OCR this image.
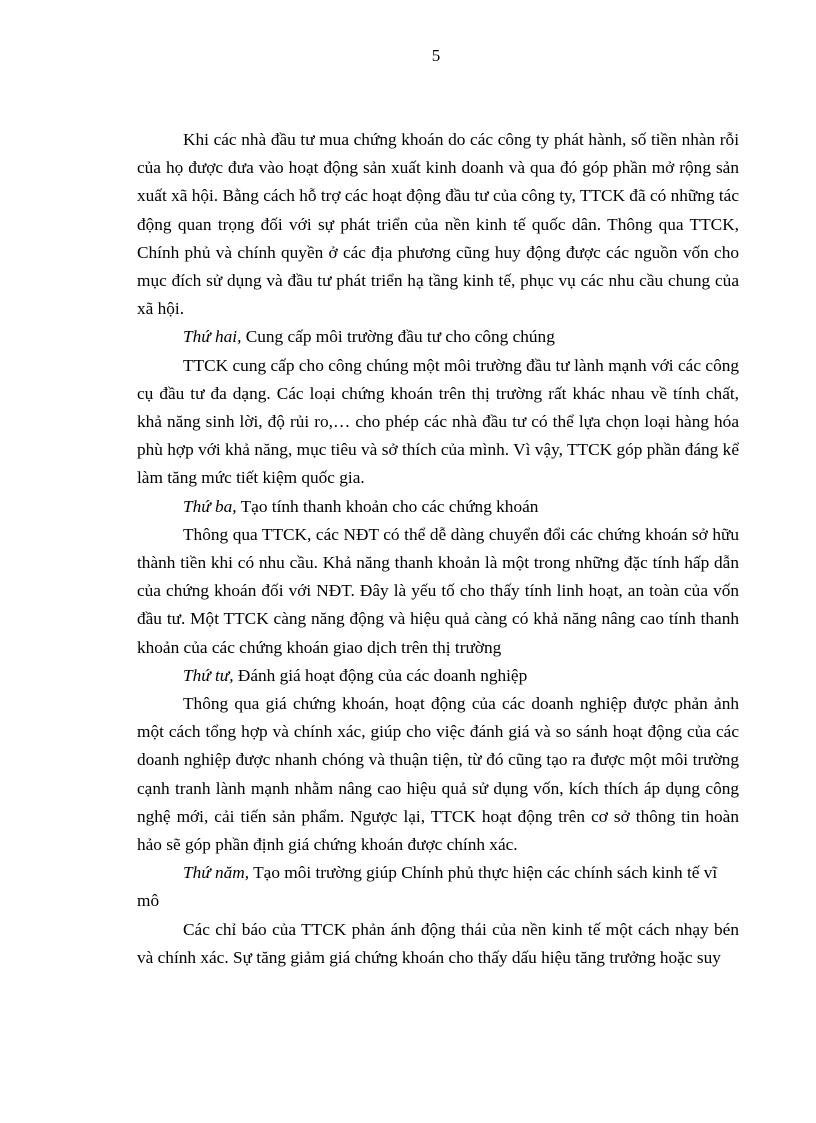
5

Khi các nhà đầu tư mua chứng khoán do các công ty phát hành, số tiền nhàn rỗi của họ được đưa vào hoạt động sản xuất kinh doanh và qua đó góp phần mở rộng sản xuất xã hội. Bằng cách hỗ trợ các hoạt động đầu tư của công ty, TTCK đã có những tác động quan trọng đối với sự phát triển của nền kinh tế quốc dân. Thông qua TTCK, Chính phủ và chính quyền ở các địa phương cũng huy động được các nguồn vốn cho mục đích sử dụng và đầu tư phát triển hạ tầng kinh tế, phục vụ các nhu cầu chung của xã hội.

Thứ hai, Cung cấp môi trường đầu tư cho công chúng

TTCK cung cấp cho công chúng một môi trường đầu tư lành mạnh với các công cụ đầu tư đa dạng. Các loại chứng khoán trên thị trường rất khác nhau về tính chất, khả năng sinh lời, độ rủi ro,… cho phép các nhà đầu tư có thể lựa chọn loại hàng hóa phù hợp với khả năng, mục tiêu và sở thích của mình. Vì vậy, TTCK góp phần đáng kể làm tăng mức tiết kiệm quốc gia.

Thứ ba, Tạo tính thanh khoản cho các chứng khoán

Thông qua TTCK, các NĐT có thể dễ dàng chuyển đổi các chứng khoán sở hữu thành tiền khi có nhu cầu. Khả năng thanh khoản là một trong những đặc tính hấp dẫn của chứng khoán đối với NĐT. Đây là yếu tố cho thấy tính linh hoạt, an toàn của vốn đầu tư. Một TTCK càng năng động và hiệu quả càng có khả năng nâng cao tính thanh khoản của các chứng khoán giao dịch trên thị trường

Thứ tư, Đánh giá hoạt động của các doanh nghiệp

Thông qua giá chứng khoán, hoạt động của các doanh nghiệp được phản ảnh một cách tổng hợp và chính xác, giúp cho việc đánh giá và so sánh hoạt động của các doanh nghiệp được nhanh chóng và thuận tiện, từ đó cũng tạo ra được một môi trường cạnh tranh lành mạnh nhằm nâng cao hiệu quả sử dụng vốn, kích thích áp dụng công nghệ mới, cải tiến sản phẩm. Ngược lại, TTCK hoạt động trên cơ sở thông tin hoàn hảo sẽ góp phần định giá chứng khoán được chính xác.

Thứ năm, Tạo môi trường giúp Chính phủ thực hiện các chính sách kinh tế vĩ mô

Các chỉ báo của TTCK phản ánh động thái của nền kinh tế một cách nhạy bén và chính xác. Sự tăng giảm giá chứng khoán cho thấy dấu hiệu tăng trưởng hoặc suy
